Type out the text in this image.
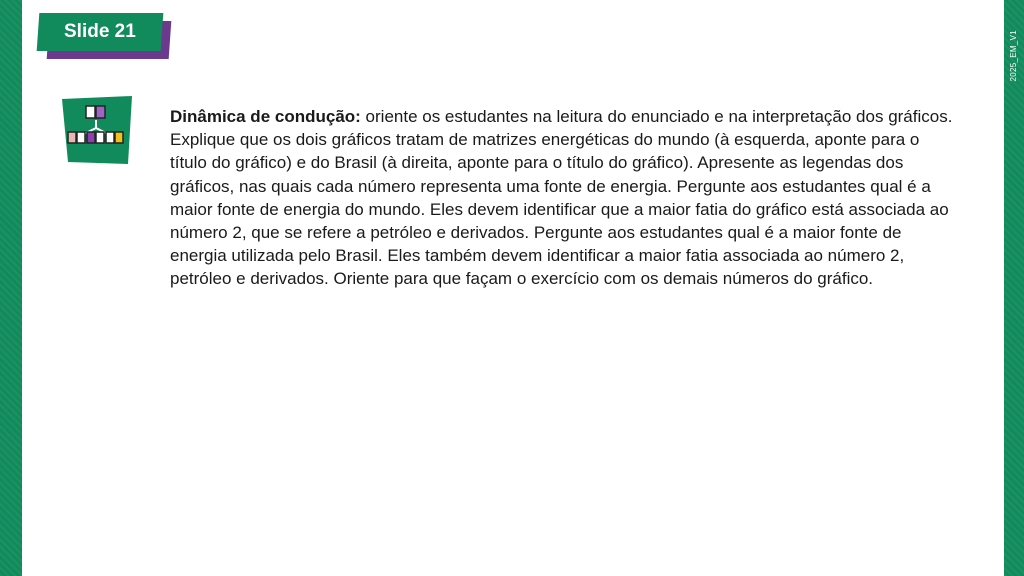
2025_EM_V1
Slide 21
Dinâmica de condução: oriente os estudantes na leitura do enunciado e na interpretação dos gráficos. Explique que os dois gráficos tratam de matrizes energéticas do mundo (à esquerda, aponte para o título do gráfico) e do Brasil (à direita, aponte para o título do gráfico). Apresente as legendas dos gráficos, nas quais cada número representa uma fonte de energia. Pergunte aos estudantes qual é a maior fonte de energia do mundo. Eles devem identificar que a maior fatia do gráfico está associada ao número 2, que se refere a petróleo e derivados. Pergunte aos estudantes qual é a maior fonte de energia utilizada pelo Brasil. Eles também devem identificar a maior fatia associada ao número 2, petróleo e derivados. Oriente para que façam o exercício com os demais números do gráfico.
